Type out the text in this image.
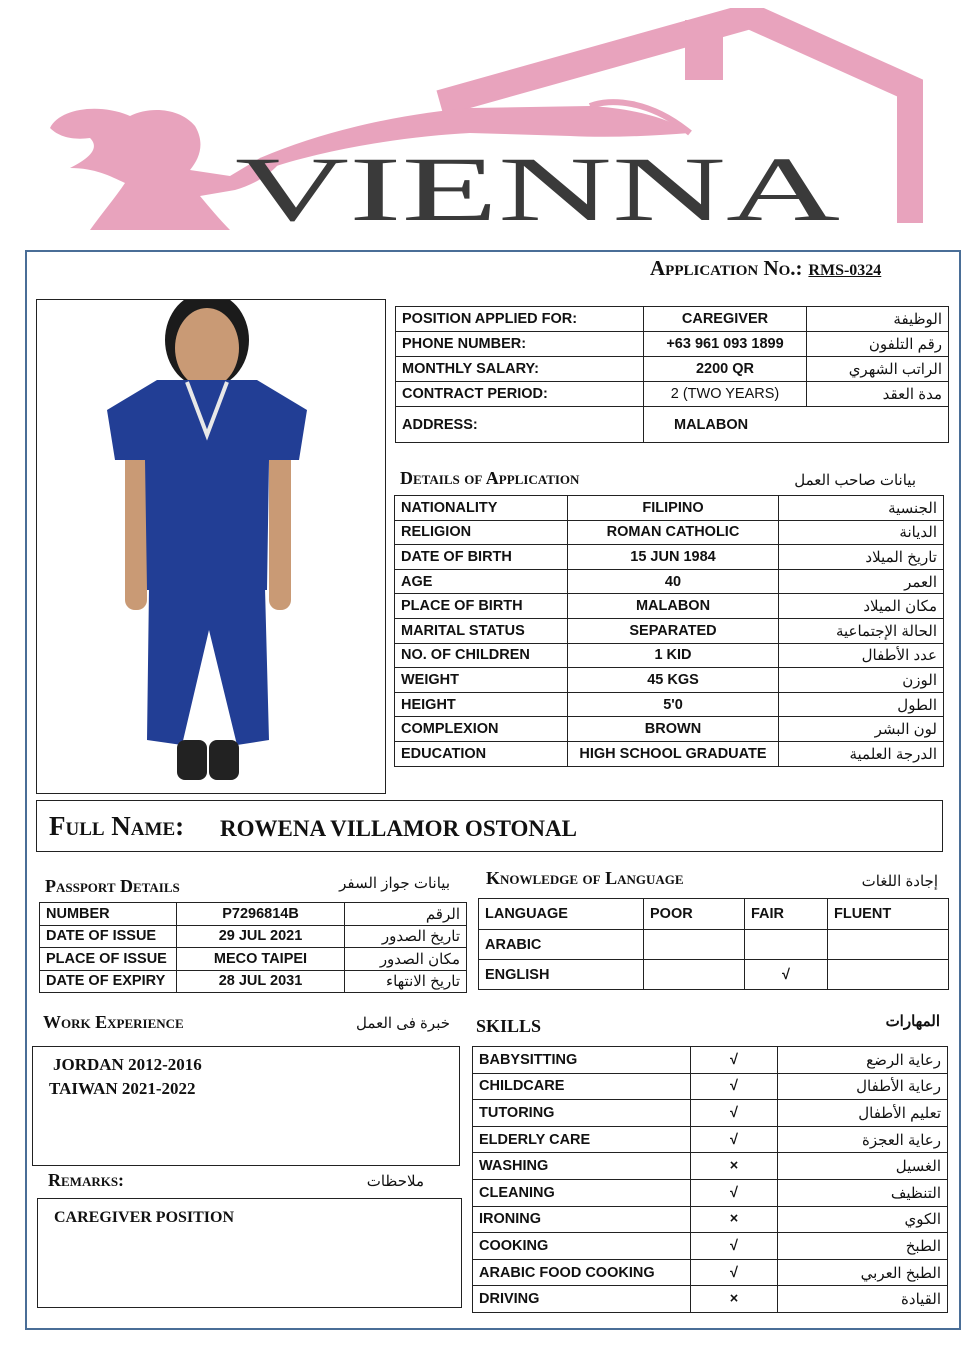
VIENNA
Application No.: RMS-0324
POSITION APPLIED FOR:	CAREGIVER	الوظيفة
PHONE NUMBER:	+63 961 093 1899	رقم التلفون
MONTHLY SALARY:	2200 QR	الراتب الشهري
CONTRACT PERIOD:	2 (TWO YEARS)	مدة العقد
ADDRESS:	MALABON	
Details of Application	بيانات صاحب العمل
NATIONALITY	FILIPINO	الجنسية
RELIGION	ROMAN CATHOLIC	الديانة
DATE OF BIRTH	15 JUN 1984	تاريخ الميلاد
AGE	40	العمر
PLACE OF BIRTH	MALABON	مكان الميلاد
MARITAL STATUS	SEPARATED	الحالة الإجتماعية
NO. OF CHILDREN	1 KID	عدد الأطفال
WEIGHT	45 KGS	الوزن
HEIGHT	5'0	الطول
COMPLEXION	BROWN	لون البشر
EDUCATION	HIGH SCHOOL GRADUATE	الدرجة العلمية
Full Name: ROWENA VILLAMOR OSTONAL
Passport Details	بيانات جواز السفر
NUMBER	P7296814B	الرقم
DATE OF ISSUE	29 JUL 2021	تاريخ الصدور
PLACE OF ISSUE	MECO TAIPEI	مكان الصدور
DATE OF EXPIRY	28 JUL 2031	تاريخ الانتهاء
Knowledge of Language	إجادة اللغات
LANGUAGE	POOR	FAIR	FLUENT
ARABIC			
ENGLISH		√	
Work Experience	خبرة فى العمل
JORDAN 2012-2016
TAIWAN 2021-2022
Remarks:	ملاحظات
CAREGIVER POSITION
SKILLS	المهارات
BABYSITTING	√	رعاية الرضع
CHILDCARE	√	رعاية الأطفال
TUTORING	√	تعليم الأطفال
ELDERLY CARE	√	رعاية العجزة
WASHING	×	الغسيل
CLEANING	√	التنظيف
IRONING	×	الكوي
COOKING	√	الطبخ
ARABIC FOOD COOKING	√	الطبخ العربي
DRIVING	×	القيادة
